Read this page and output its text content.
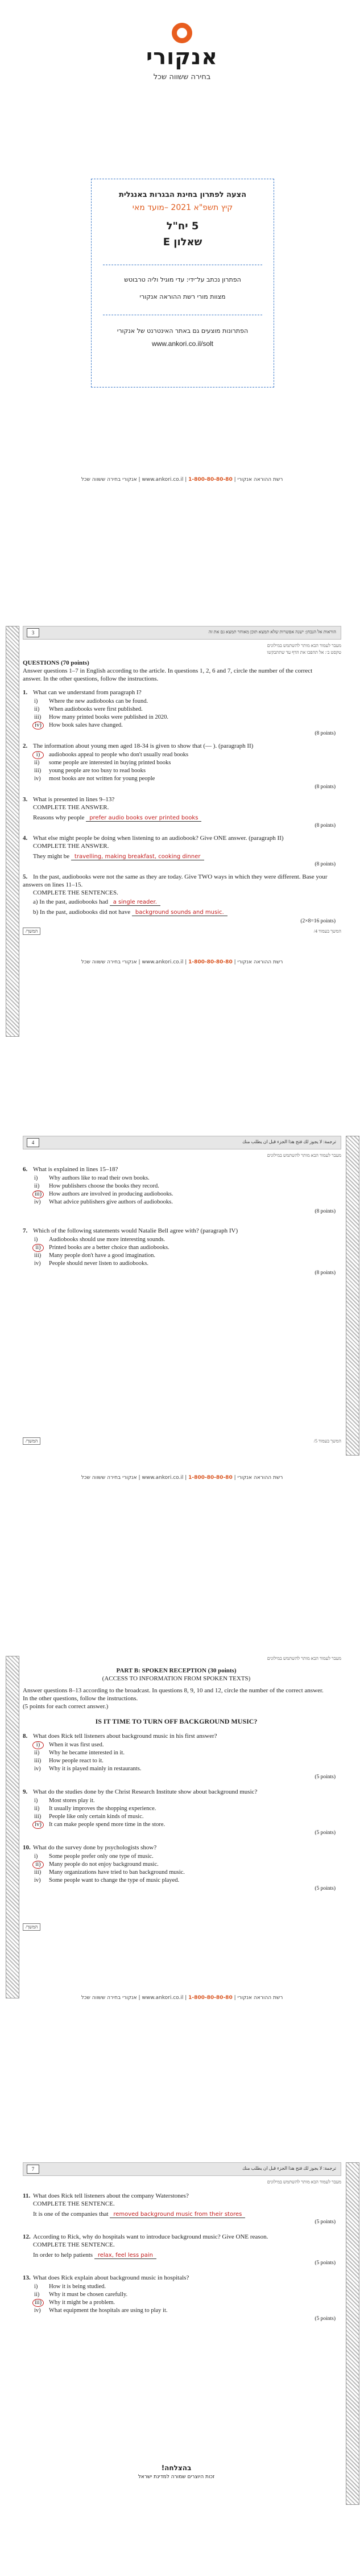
אנקורי
בחירה ששווה שכל
הצעה לפתרון בחינת הבגרות באנגלית
קיץ תשפ"א 2021 –מועד מאי
5 יח"ל
שאלון E
הפתרון נכתב על־ידי: עדי מוגיל וליה טרבוטש
מצוות מורי רשת ההוראה אנקורי
הפתרונות מוצעים גם באתר האינטרנט של אנקורי
www.ankori.co.il/solt
רשת ההוראה אנקורי | 1-800-80-80-80 | www.ankori.co.il | אנקורי בחירה ששווה שכל
3	הוראות אל הנבחן: ישנה אפשרות שלא תמצא תוכן מאוחר תמצא גם את זה
מעבר לעמוד הבא מותר להשתמש במילונים
טקסט ב׳: אל תהפכו את הדף עד שתתבקשו
QUESTIONS (70 points)
Answer questions 1–7 in English according to the article. In questions 1, 2, 6 and 7, circle the number of the correct answer. In the other questions, follow the instructions.
1. What can we understand from paragraph I?
i) Where the new audiobooks can be found.
ii) When audiobooks were first published.
iii) How many printed books were published in 2020.
iv) How book sales have changed.
(8 points)
2. The information about young men aged 18-34 is given to show that (— ). (paragraph II)
i) audiobooks appeal to people who don't usually read books
ii) some people are interested in buying printed books
iii) young people are too busy to read books
iv) most books are not written for young people
(8 points)
3. What is presented in lines 9–13?
COMPLETE THE ANSWER.
Reasons why people prefer audio books over printed books
(8 points)
4. What else might people be doing when listening to an audiobook? Give ONE answer. (paragraph II)
COMPLETE THE ANSWER.
They might be travelling, making breakfast, cooking dinner
(8 points)
5. In the past, audiobooks were not the same as they are today. Give TWO ways in which they were different. Base your answers on lines 11–15.
COMPLETE THE SENTENCES.
a) In the past, audiobooks had a single reader.
b) In the past, audiobooks did not have background sounds and music.
(2×8=16 points)
/המשך	המשך בעמוד 4/
רשת ההוראה אנקורי | 1-800-80-80-80 | www.ankori.co.il | אנקורי בחירה ששווה שכל
4	ترجمة: لا يجوز لك فتح هذا الجزء قبل ان يطلب منك
מעבר לעמוד הבא מותר להשתמש במילונים
6. What is explained in lines 15–18?
i) Why authors like to read their own books.
ii) How publishers choose the books they record.
iii) How authors are involved in producing audiobooks.
iv) What advice publishers give authors of audiobooks.
(8 points)
7. Which of the following statements would Natalie Bell agree with? (paragraph IV)
i) Audiobooks should use more interesting sounds.
ii) Printed books are a better choice than audiobooks.
iii) Many people don't have a good imagination.
iv) People should never listen to audiobooks.
(8 points)
/המשך	המשך בעמוד 5/
רשת ההוראה אנקורי | 1-800-80-80-80 | www.ankori.co.il | אנקורי בחירה ששווה שכל
מעבר לעמוד הבא מותר להשתמש במילונים
PART B: SPOKEN RECEPTION (30 points)
(ACCESS TO INFORMATION FROM SPOKEN TEXTS)
Answer questions 8–13 according to the broadcast. In questions 8, 9, 10 and 12, circle the number of the correct answer. In the other questions, follow the instructions.
(5 points for each correct answer.)
IS IT TIME TO TURN OFF BACKGROUND MUSIC?
8. What does Rick tell listeners about background music in his first answer?
i) When it was first used.
ii) Why he became interested in it.
iii) How people react to it.
iv) Why it is played mainly in restaurants.
(5 points)
9. What do the studies done by the Christ Research Institute show about background music?
i) Most stores play it.
ii) It usually improves the shopping experience.
iii) People like only certain kinds of music.
iv) It can make people spend more time in the store.
(5 points)
10. What do the survey done by psychologists show?
i) Some people prefer only one type of music.
ii) Many people do not enjoy background music.
iii) Many organizations have tried to ban background music.
iv) Some people want to change the type of music played.
(5 points)
/המשך
רשת ההוראה אנקורי | 1-800-80-80-80 | www.ankori.co.il | אנקורי בחירה ששווה שכל
7	ترجمة: لا يجوز لك فتح هذا الجزء قبل ان يطلب منك
מעבר לעמוד הבא מותר להשתמש במילונים
11. What does Rick tell listeners about the company Waterstones?
COMPLETE THE SENTENCE.
It is one of the companies that removed background music from their stores
(5 points)
12. According to Rick, why do hospitals want to introduce background music? Give ONE reason.
COMPLETE THE SENTENCE.
In order to help patients relax, feel less pain
(5 points)
13. What does Rick explain about background music in hospitals?
i) How it is being studied.
ii) Why it must be chosen carefully.
iii) Why it might be a problem.
iv) What equipment the hospitals are using to play it.
(5 points)
בהצלחה!
זכות היוצרים שמורה למדינת ישראל
